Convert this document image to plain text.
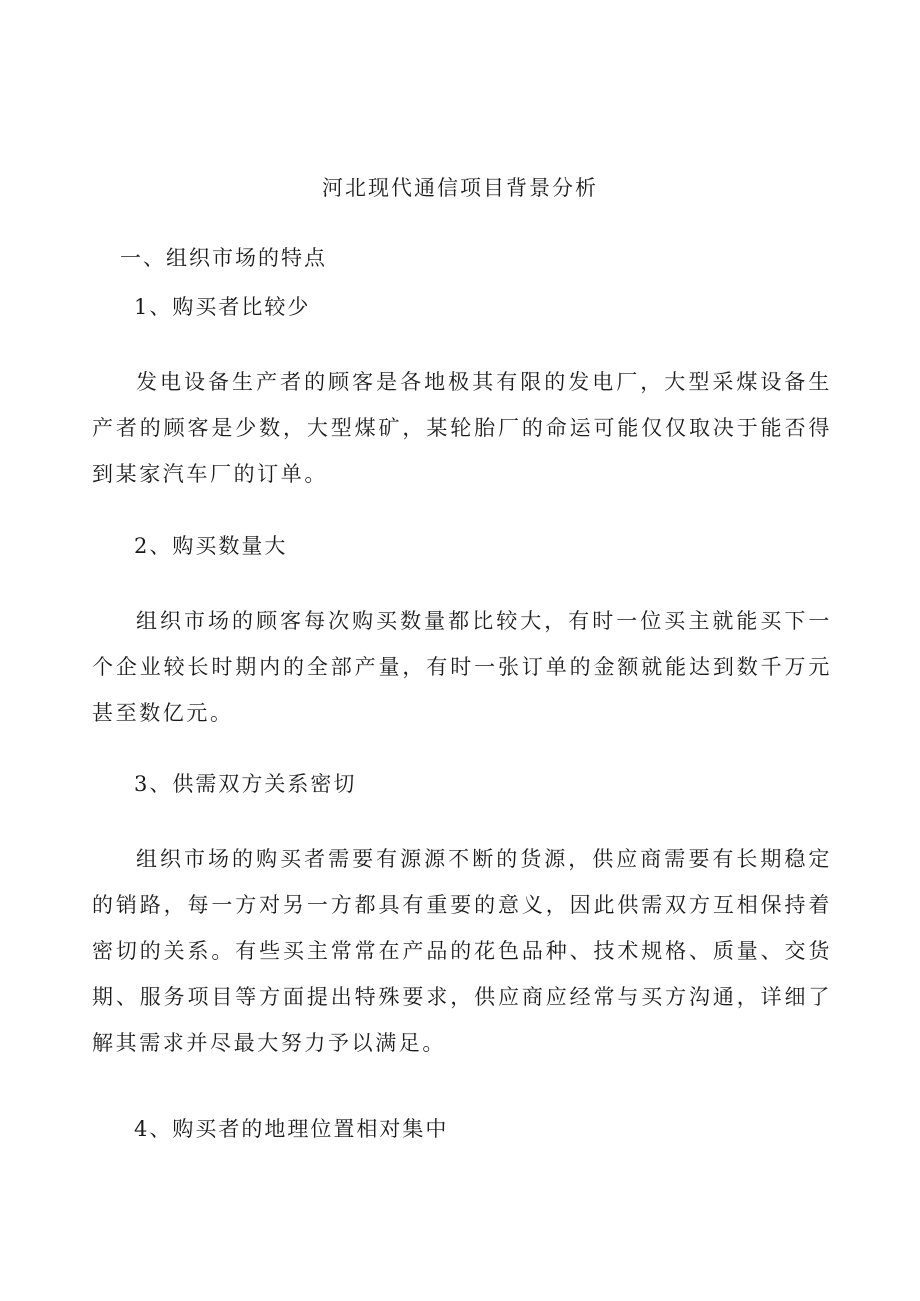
河北现代通信项目背景分析
一、组织市场的特点
1、购买者比较少

发电设备生产者的顾客是各地极其有限的发电厂，大型采煤设备生产者的顾客是少数，大型煤矿，某轮胎厂的命运可能仅仅取决于能否得到某家汽车厂的订单。

2、购买数量大

组织市场的顾客每次购买数量都比较大，有时一位买主就能买下一个企业较长时期内的全部产量，有时一张订单的金额就能达到数千万元甚至数亿元。

3、供需双方关系密切

组织市场的购买者需要有源源不断的货源，供应商需要有长期稳定的销路，每一方对另一方都具有重要的意义，因此供需双方互相保持着密切的关系。有些买主常常在产品的花色品种、技术规格、质量、交货期、服务项目等方面提出特殊要求，供应商应经常与买方沟通，详细了解其需求并尽最大努力予以满足。

4、购买者的地理位置相对集中
